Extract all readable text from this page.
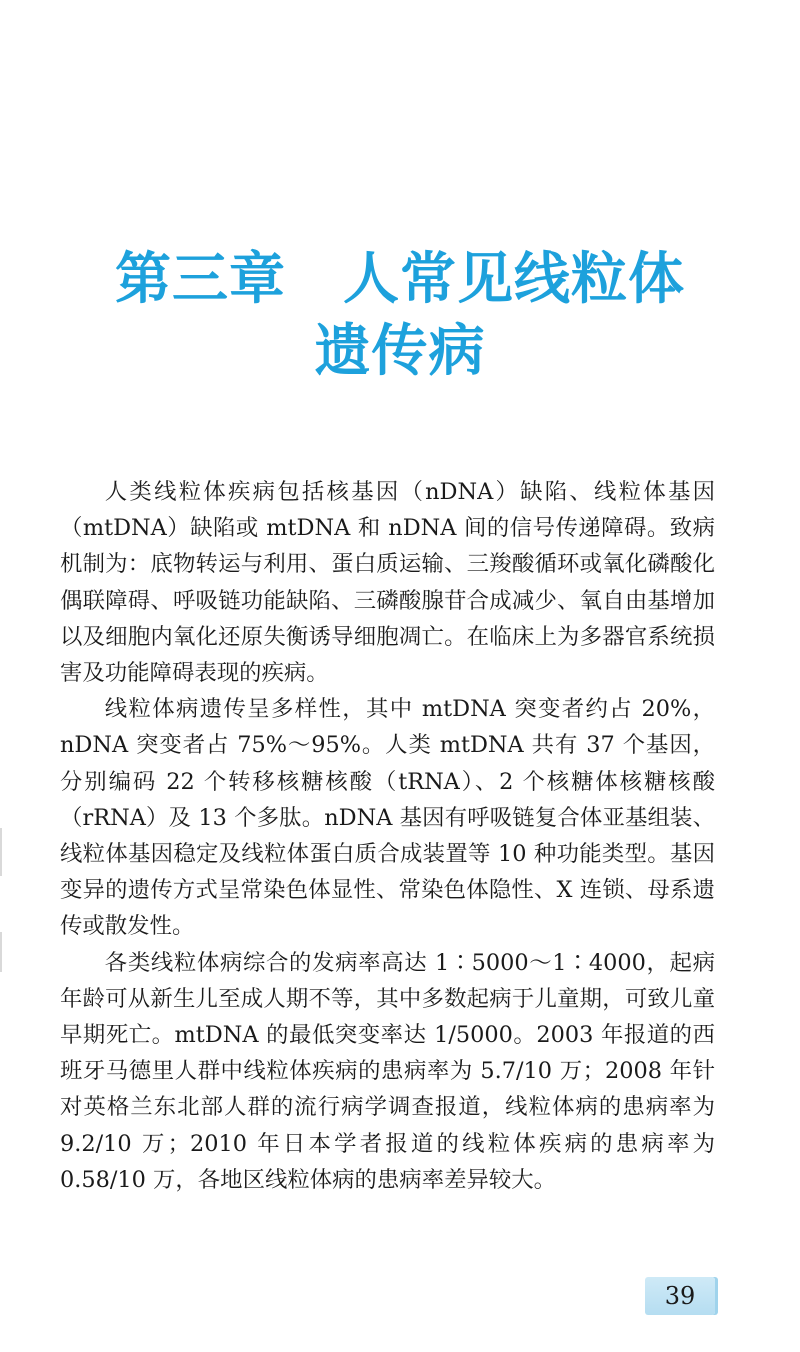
第三章　人常见线粒体
遗传病

人类线粒体疾病包括核基因（nDNA）缺陷、线粒体基因（mtDNA）缺陷或 mtDNA 和 nDNA 间的信号传递障碍。致病机制为：底物转运与利用、蛋白质运输、三羧酸循环或氧化磷酸化偶联障碍、呼吸链功能缺陷、三磷酸腺苷合成减少、氧自由基增加以及细胞内氧化还原失衡诱导细胞凋亡。在临床上为多器官系统损害及功能障碍表现的疾病。

线粒体病遗传呈多样性，其中 mtDNA 突变者约占 20%，nDNA 突变者占 75%～95%。人类 mtDNA 共有 37 个基因，分别编码 22 个转移核糖核酸（tRNA）、2 个核糖体核糖核酸（rRNA）及 13 个多肽。nDNA 基因有呼吸链复合体亚基组装、线粒体基因稳定及线粒体蛋白质合成装置等 10 种功能类型。基因变异的遗传方式呈常染色体显性、常染色体隐性、X 连锁、母系遗传或散发性。

各类线粒体病综合的发病率高达 1∶5000～1∶4000，起病年龄可从新生儿至成人期不等，其中多数起病于儿童期，可致儿童早期死亡。mtDNA 的最低突变率达 1/5000。2003 年报道的西班牙马德里人群中线粒体疾病的患病率为 5.7/10 万；2008 年针对英格兰东北部人群的流行病学调查报道，线粒体病的患病率为 9.2/10 万；2010 年日本学者报道的线粒体疾病的患病率为 0.58/10 万，各地区线粒体病的患病率差异较大。

39
